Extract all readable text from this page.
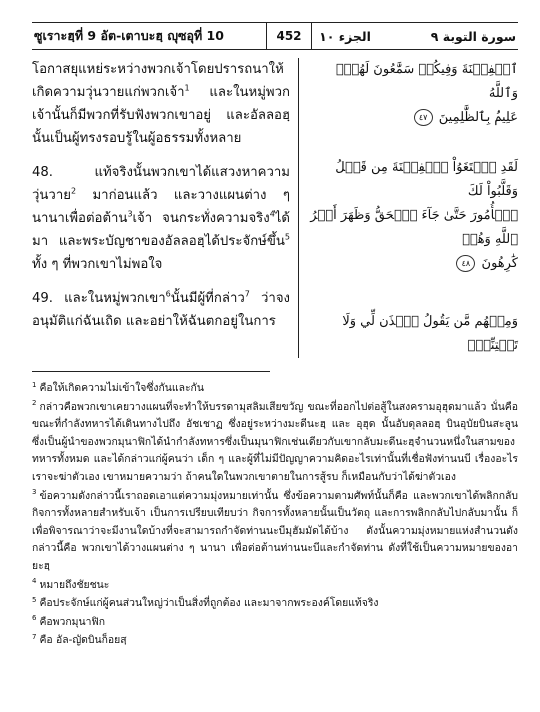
ซูเราะฮฺที่ 9 อัต-เตาบะฮฺ ญุซอุที่ 10	452	الجزء ١٠	سورة التوبة ٩

โอกาสยุแหย่ระหว่างพวกเจ้าโดยปรารถนาให้เกิดความวุ่นวายแก่พวกเจ้า$^1$ และในหมู่พวกเจ้านั้นก็มีพวกที่รับฟังพวกเขาอยู่ และอัลลอฮฺนั้นเป็นผู้ทรงรอบรู้ในผู้อธรรมทั้งหลาย

48. แท้จริงนั้นพวกเขาได้แสวงหาความวุ่นวาย$^2$ มาก่อนแล้ว และวางแผนต่าง ๆ นานาเพื่อต่อต้าน$^3$เจ้า จนกระทั่งความจริง$^4$ได้มา และพระบัญชาของอัลลอฮฺได้ประจักษ์ขึ้น$^5$ ทั้ง ๆ ที่พวกเขาไม่พอใจ

49. และในหมู่พวกเขา$^6$นั้นมีผู้ที่กล่าว$^7$ ว่าจงอนุมัติแก่ฉันเถิด และอย่าให้ฉันตกอยู่ในการ

ٱلۡفِتۡنَةَ وَفِيكُمۡ سَمَّٰعُونَ لَهُمۡۗ وَٱللَّهُ
عَلِيمُۢ بِٱلظَّٰلِمِينَ ٤٧
لَقَدِ ٱبۡتَغَوُاْ ٱلۡفِتۡنَةَ مِن قَبۡلُ وَقَلَّبُواْ لَكَ
ٱلۡأُمُورَ حَتَّىٰ جَآءَ ٱلۡحَقُّ وَظَهَرَ أَمۡرُ ٱللَّهِ وَهُمۡ
كَٰرِهُونَ ٤٨
وَمِنۡهُم مَّن يَقُولُ ٱئۡذَن لِّي وَلَا تَفۡتِنِّيٓۚ

$^1$ คือให้เกิดความไม่เข้าใจซึ่งกันและกัน

$^2$ กล่าวคือพวกเขาเคยวางแผนที่จะทำให้บรรดามุสลิมเสียขวัญ ขณะที่ออกไปต่อสู้ในสงครามอุฮุดมาแล้ว นั่นคือขณะที่กำลังทหารได้เดินทางไปถึง อัชเชาฏ ซึ่งอยู่ระหว่างมะดีนะฮฺ และ อุฮุด นั้นอับดุลลอฮฺ บินอุบัยบินสะลูน ซึ่งเป็นผู้นำของพวกมุนาฟิกได้นำกำลังทหารซึ่งเป็นมุนาฟิกเช่นเดียวกับเขากลับมะดีนะฮฺจำนวนหนึ่งในสามของทหารทั้งหมด และได้กล่าวแก่ผู้คนว่า เด็ก ๆ และผู้ที่ไม่มีปัญญาความคิดอะไรเท่านั้นที่เชื่อฟังท่านนบี เรื่องอะไรเราจะฆ่าตัวเอง เขาหมายความว่า ถ้าคนใดในพวกเขาตายในการสู้รบ ก็เหมือนกับว่าได้ฆ่าตัวเอง

$^3$ ข้อความดังกล่าวนี้เราถอดเอาแต่ความมุ่งหมายเท่านั้น ซึ่งข้อความตามศัพท์นั้นก็คือ และพวกเขาได้พลิกกลับกิจการทั้งหลายสำหรับเจ้า เป็นการเปรียบเทียบว่า กิจการทั้งหลายนั้นเป็นวัตถุ และการพลิกกลับไปกลับมานั้น ก็เพื่อพิจารณาว่าจะมีงานใดบ้างที่จะสามารถกำจัดท่านนะบีมุฮัมมัดได้บ้าง ดังนั้นความมุ่งหมายแห่งสำนวนดังกล่าวนี้คือ พวกเขาได้วางแผนต่าง ๆ นานา เพื่อต่อต้านท่านนะบีและกำจัดท่าน ดังที่ใช้เป็นความหมายของอายะฮฺ

$^4$ หมายถึงชัยชนะ

$^5$ คือประจักษ์แก่ผู้คนส่วนใหญ่ว่าเป็นสิ่งที่ถูกต้อง และมาจากพระองค์โดยแท้จริง

$^6$ คือพวกมุนาฟิก

$^7$ คือ อัล-ญัดบินก็อยสฺ
